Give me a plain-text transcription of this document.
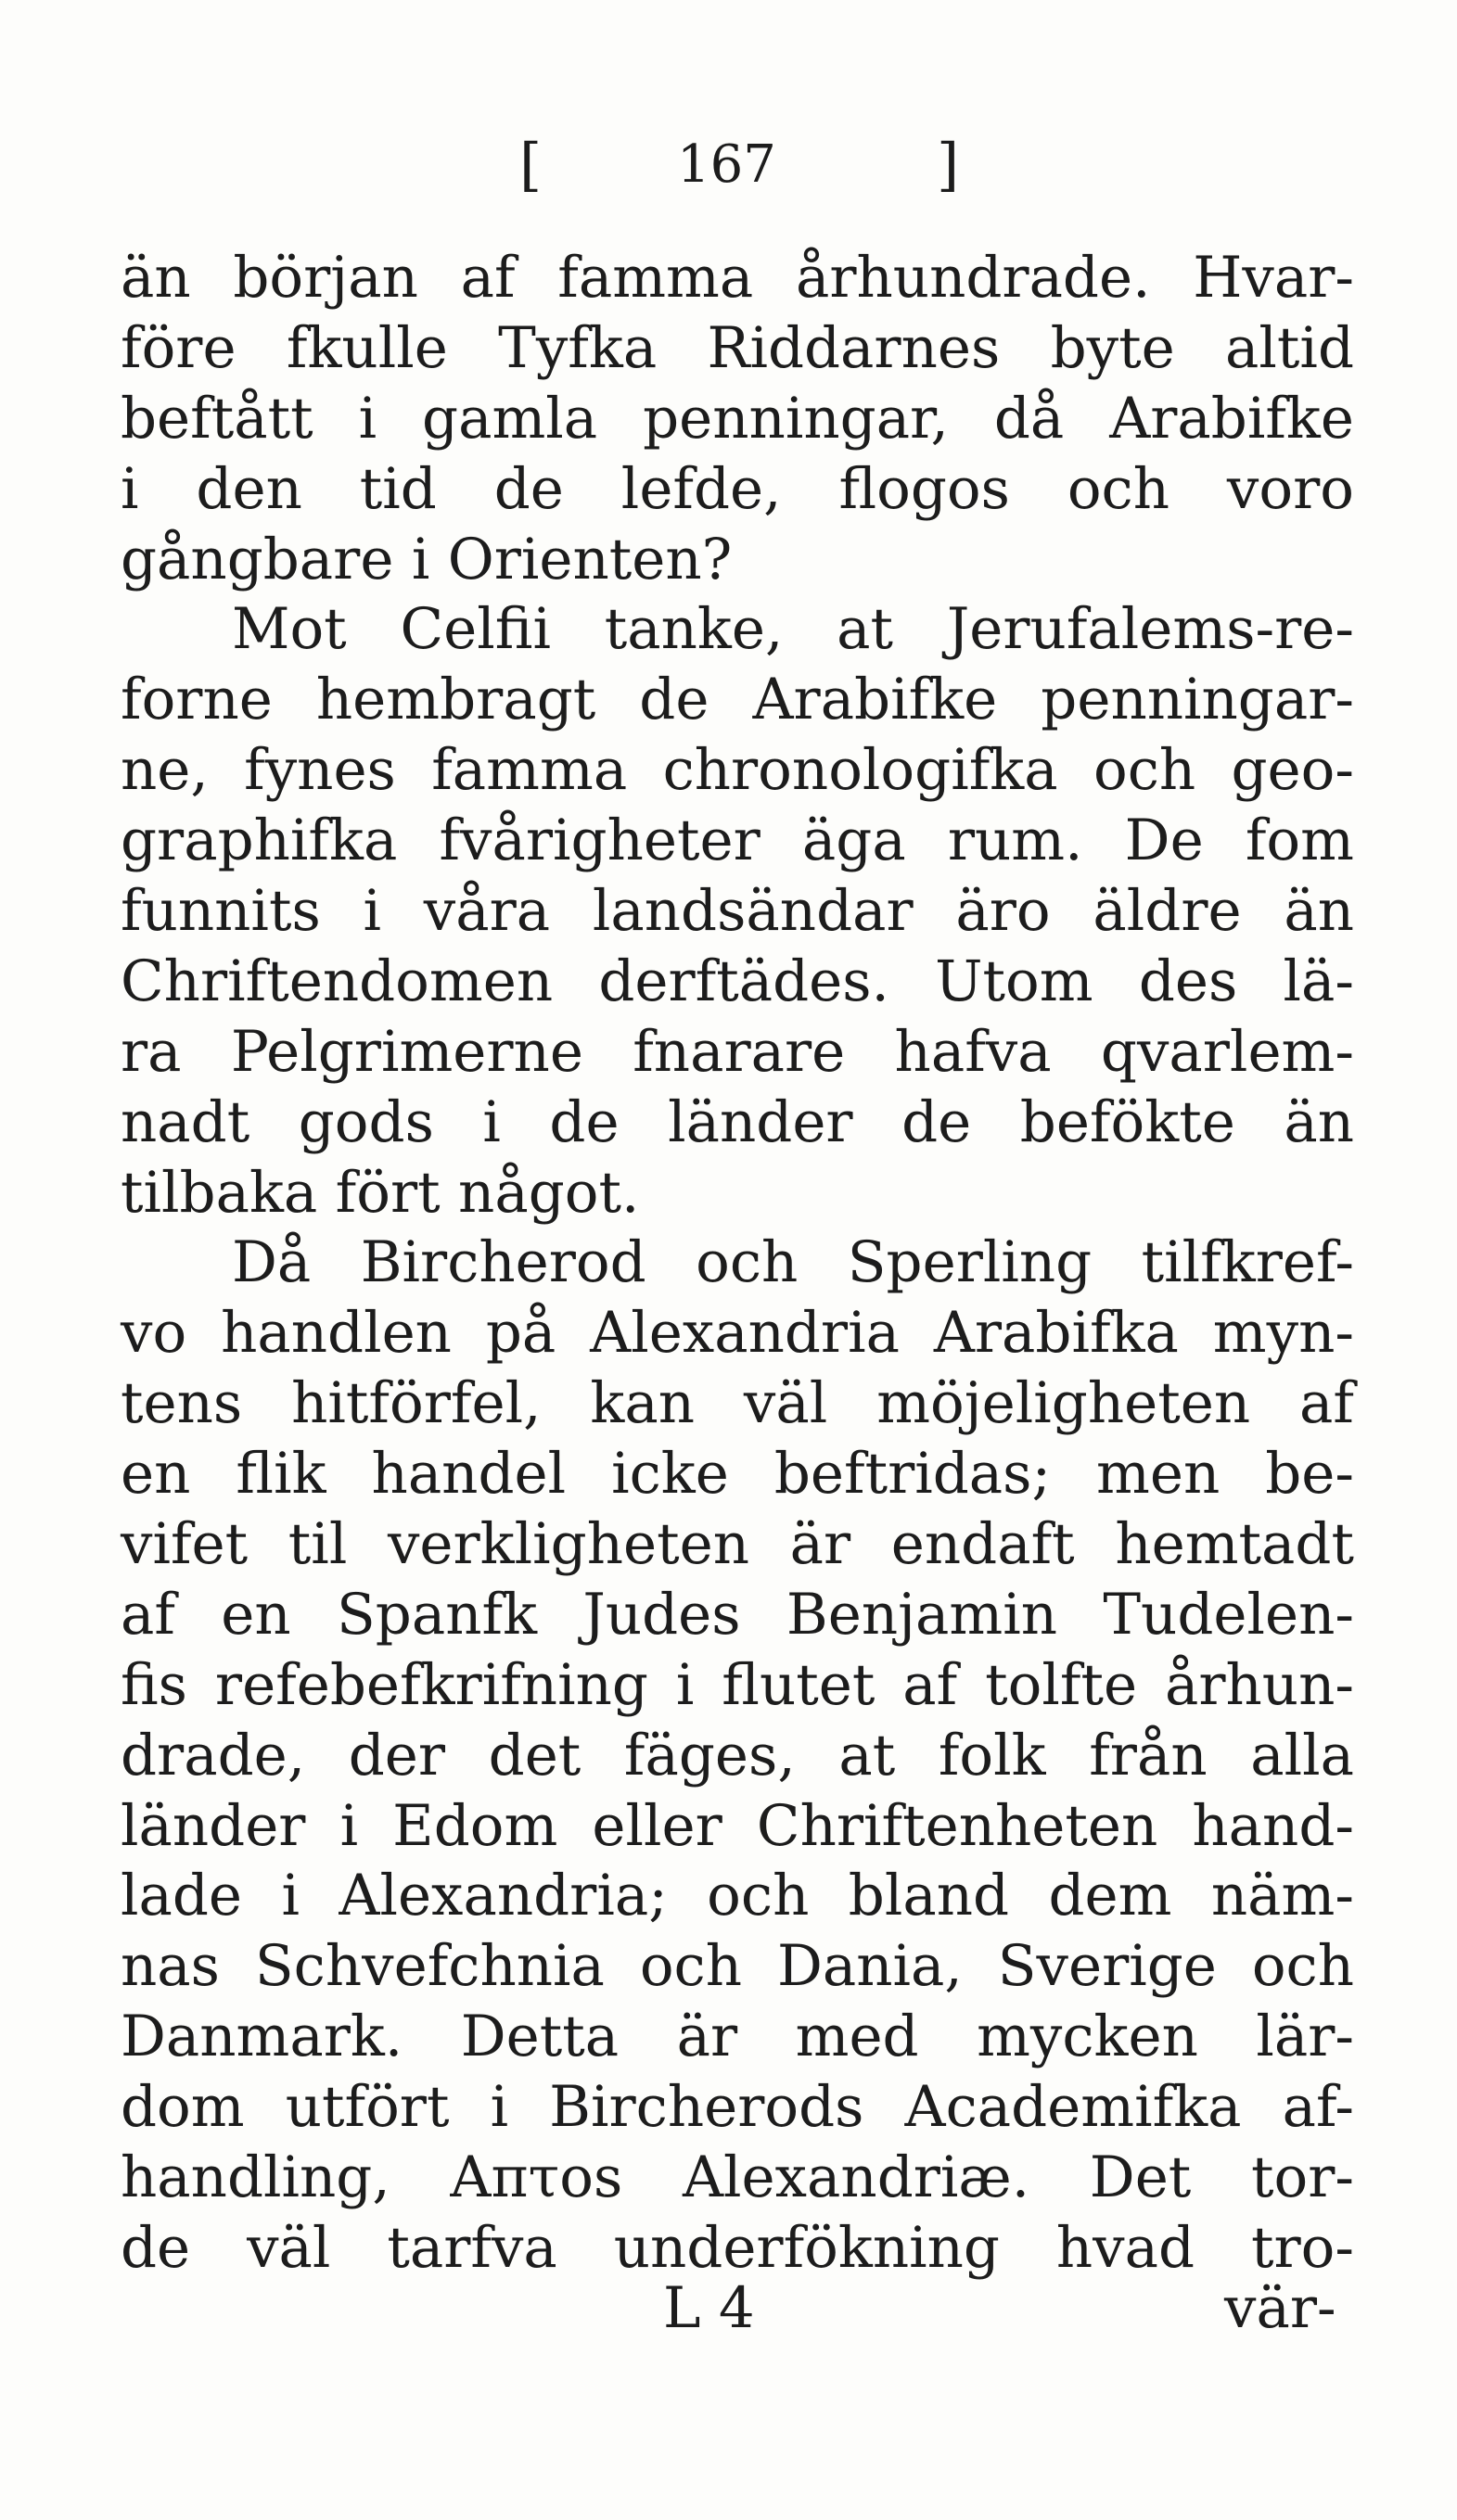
[	167	]
än början af famma århundrade. Hvar-
före fkulle Tyfka Riddarnes byte altid
beftått i gamla penningar, då Arabifke
i den tid de lefde, flogos och voro
gångbare i Orienten?
Mot Celfii tanke, at Jerufalems-re-
forne hembragt de Arabifke penningar-
ne, fynes famma chronologifka och geo-
graphifka fvårigheter äga rum. De fom
funnits i våra landsändar äro äldre än
Chriftendomen derftädes. Utom des lä-
ra Pelgrimerne fnarare hafva qvarlem-
nadt gods i de länder de befökte än
tilbaka fört något.
Då Bircherod och Sperling tilfkref-
vo handlen på Alexandria Arabifka myn-
tens hitförfel, kan väl möjeligheten af
en flik handel icke beftridas; men be-
vifet til verkligheten är endaft hemtadt
af en Spanfk Judes Benjamin Tudelen-
fis refebefkrifning i flutet af tolfte århun-
drade, der det fäges, at folk från alla
länder i Edom eller Chriftenheten hand-
lade i Alexandria; och bland dem näm-
nas Schvefchnia och Dania, Sverige och
Danmark. Detta är med mycken lär-
dom utfört i Bircherods Academifka af-
handling, Aπτos Alexandriæ. Det tor-
de väl tarfva underfökning hvad tro-
L 4	vär-
